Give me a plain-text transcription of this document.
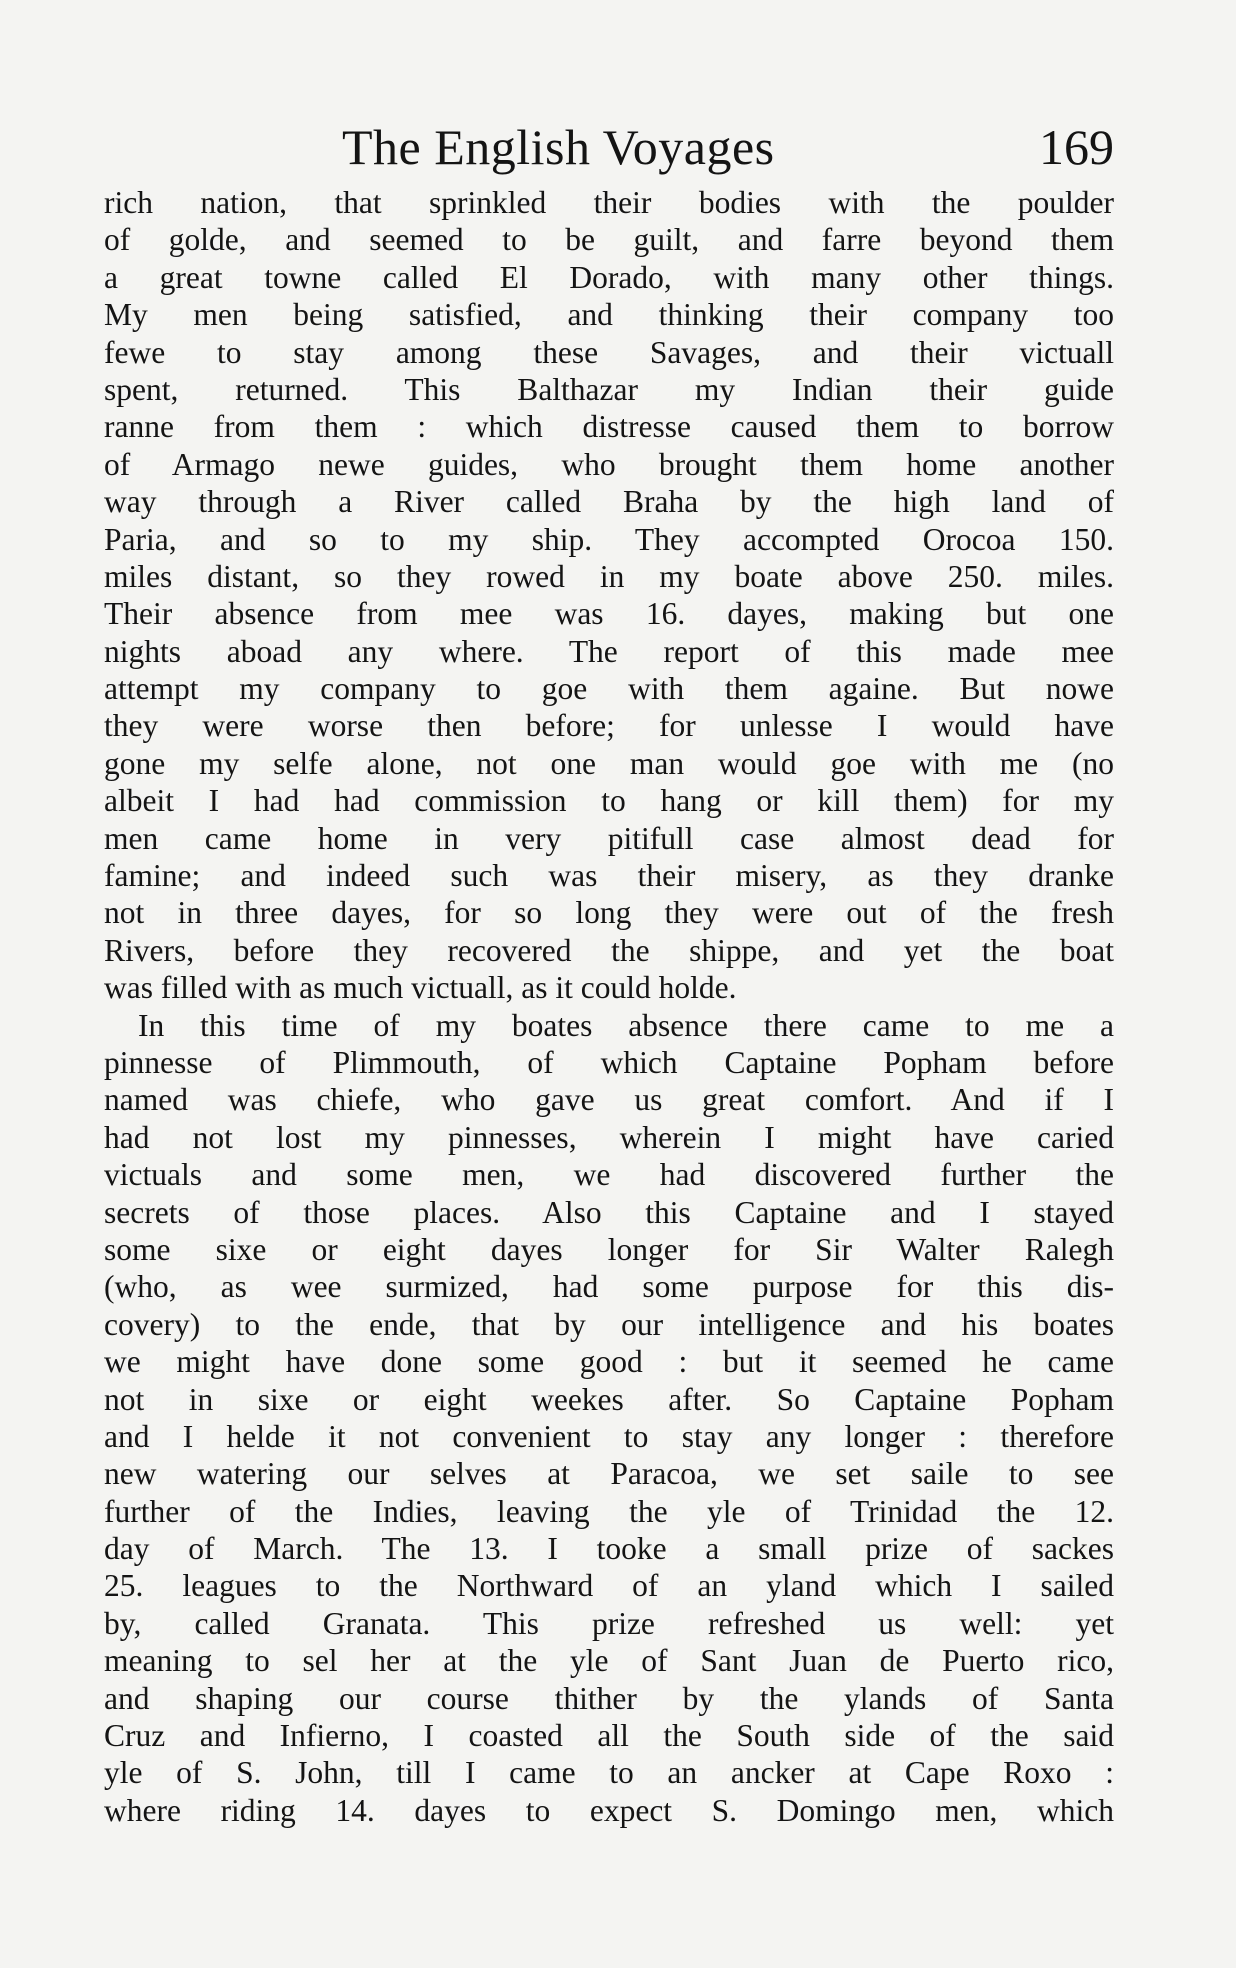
The English Voyages	169
rich nation, that sprinkled their bodies with the poulder
of golde, and seemed to be guilt, and farre beyond them
a great towne called El Dorado, with many other things.
My men being satisfied, and thinking their company too
fewe to stay among these Savages, and their victuall
spent, returned. This Balthazar my Indian their guide
ranne from them : which distresse caused them to borrow
of Armago newe guides, who brought them home another
way through a River called Braha by the high land of
Paria, and so to my ship. They accompted Orocoa 150.
miles distant, so they rowed in my boate above 250. miles.
Their absence from mee was 16. dayes, making but one
nights aboad any where. The report of this made mee
attempt my company to goe with them againe. But nowe
they were worse then before; for unlesse I would have
gone my selfe alone, not one man would goe with me (no
albeit I had had commission to hang or kill them) for my
men came home in very pitifull case almost dead for
famine; and indeed such was their misery, as they dranke
not in three dayes, for so long they were out of the fresh
Rivers, before they recovered the shippe, and yet the boat
was filled with as much victuall, as it could holde.
In this time of my boates absence there came to me a
pinnesse of Plimmouth, of which Captaine Popham before
named was chiefe, who gave us great comfort. And if I
had not lost my pinnesses, wherein I might have caried
victuals and some men, we had discovered further the
secrets of those places. Also this Captaine and I stayed
some sixe or eight dayes longer for Sir Walter Ralegh
(who, as wee surmized, had some purpose for this dis-
covery) to the ende, that by our intelligence and his boates
we might have done some good : but it seemed he came
not in sixe or eight weekes after. So Captaine Popham
and I helde it not convenient to stay any longer : therefore
new watering our selves at Paracoa, we set saile to see
further of the Indies, leaving the yle of Trinidad the 12.
day of March. The 13. I tooke a small prize of sackes
25. leagues to the Northward of an yland which I sailed
by, called Granata. This prize refreshed us well: yet
meaning to sel her at the yle of Sant Juan de Puerto rico,
and shaping our course thither by the ylands of Santa
Cruz and Infierno, I coasted all the South side of the said
yle of S. John, till I came to an ancker at Cape Roxo :
where riding 14. dayes to expect S. Domingo men, which
